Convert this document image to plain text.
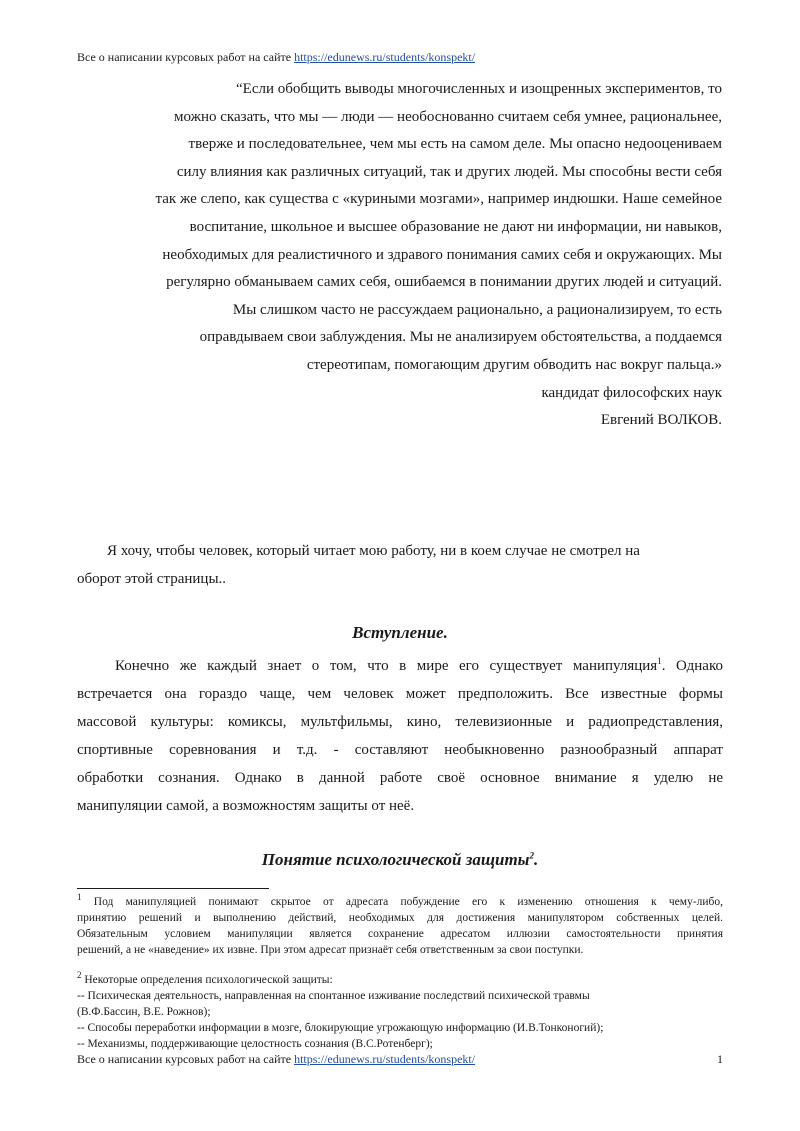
Все о написании курсовых работ на сайте https://edunews.ru/students/konspekt/
“Если обобщить выводы многочисленных и изощренных экспериментов, то
можно сказать, что мы — люди — необоснованно считаем себя умнее, рациональнее,
тверже и последовательнее, чем мы есть на самом деле. Мы опасно недооцениваем
силу влияния как различных ситуаций, так и других людей. Мы способны вести себя
так же слепо, как существа с «куриными мозгами», например индюшки. Наше семейное
воспитание, школьное и высшее образование не дают ни информации, ни навыков,
необходимых для реалистичного и здравого понимания самих себя и окружающих. Мы
регулярно обманываем самих себя, ошибаемся в понимании других людей и ситуаций.
Мы слишком часто не рассуждаем рационально, а рационализируем, то есть
оправдываем свои заблуждения. Мы не анализируем обстоятельства, а поддаемся
стереотипам, помогающим другим обводить нас вокруг пальца.»
кандидат философских наук
Евгений ВОЛКОВ.
Я хочу, чтобы человек, который читает мою работу, ни в коем случае не смотрел на
оборот этой страницы..
Вступление.
Конечно же каждый знает о том, что в мире его существует манипуляция$^1$. Однако
встречается она гораздо чаще, чем человек может предположить. Все известные формы
массовой культуры: комиксы, мультфильмы, кино, телевизионные и радиопредставления,
спортивные соревнования и т.д. - составляют необыкновенно разнообразный аппарат
обработки сознания. Однако в данной работе своё основное внимание я уделю не
манипуляции самой, а возможностям защиты от неё.
Понятие психологической защиты$^2$.
$^1$ Под манипуляцией понимают скрытое от адресата побуждение его к изменению отношения к чему-либо,
принятию решений и выполнению действий, необходимых для достижения манипулятором собственных целей.
Обязательным условием манипуляции является сохранение адресатом иллюзии самостоятельности принятия
решений, а не «наведение» их извне. При этом адресат признаёт себя ответственным за свои поступки.
$^2$ Некоторые определения психологической защиты:
-- Психическая деятельность, направленная на спонтанное изживание последствий психической травмы
(В.Ф.Бассин, В.Е. Рожнов);
-- Способы переработки информации в мозге, блокирующие угрожающую информацию (И.В.Тонконогий);
-- Механизмы, поддерживающие целостность сознания (В.С.Ротенберг);
Все о написании курсовых работ на сайте https://edunews.ru/students/konspekt/	1
